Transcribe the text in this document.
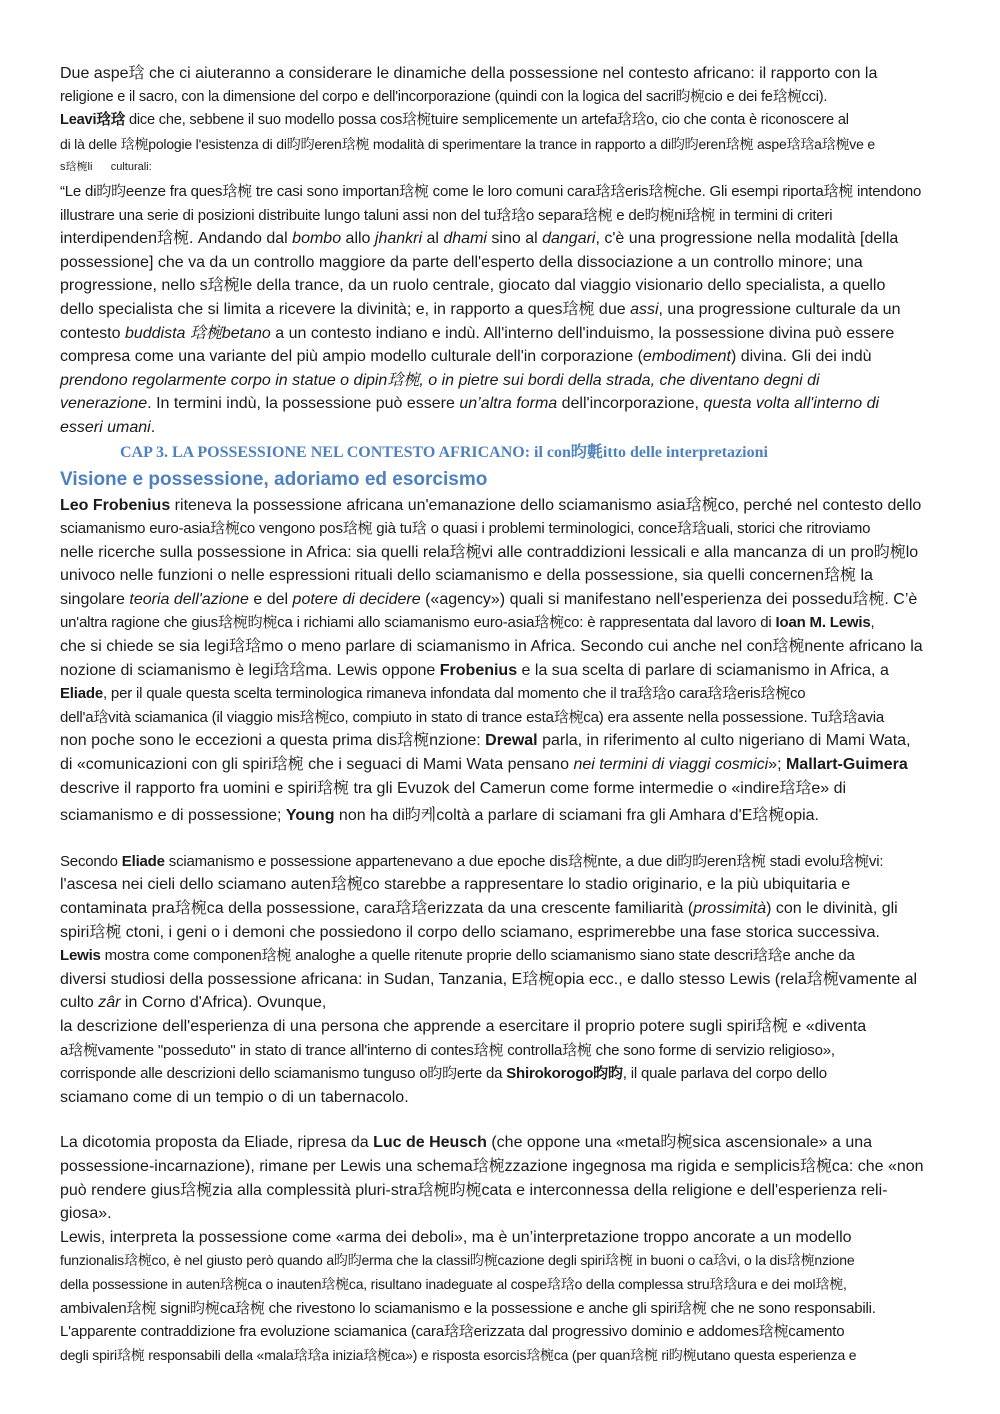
Due aspe琀 che ci aiuteranno a considerare le dinamiche della possessione nel contesto africano: il rapporto con la

religione e il sacro, con la dimensione del corpo e dell'incorporazione (quindi con la logica del sacri昀椀cio e dei fe琀椀cci).

Leavi琀琀 dice che, sebbene il suo modello possa cos琀椀tuire semplicemente un artefa琀琀o, cio che conta è riconoscere al

di là delle 琀椀pologie l'esistenza di di昀昀eren琀椀 modalità di sperimentare la trance in rapporto a di昀昀eren琀椀 aspe琀琀a琀椀ve e

s琀椀li      culturali:

“Le di昀昀eenze fra ques琀椀 tre casi sono importan琀椀 come le loro comuni cara琀琀eris琀椀che. Gli esempi riporta琀椀 intendono

illustrare una serie di posizioni distribuite lungo taluni assi non del tu琀琀o separa琀椀 e de昀椀ni琀椀 in termini di criteri

interdipenden琀椀. Andando dal bombo allo jhankri al dhami sino al dangari, c'è una progressione nella modalità [della

possessione] che va da un controllo maggiore da parte dell'esperto della dissociazione a un controllo minore; una

progressione, nello s琀椀le della trance, da un ruolo centrale, giocato dal viaggio visionario dello specialista, a quello

dello specialista che si limita a ricevere la divinità; e, in rapporto a ques琀椀 due assi, una progressione culturale da un

contesto buddista 琀椀betano a un contesto indiano e indù. All'interno dell'induismo, la possessione divina può essere

compresa come una variante del più ampio modello culturale dell'in corporazione (embodiment) divina. Gli dei indù

prendono regolarmente corpo in statue o dipin琀椀, o in pietre sui bordi della strada, che diventano degni di

venerazione. In termini indù, la possessione può essere un’altra forma dell'incorporazione, questa volta all'interno di

esseri umani.

CAP 3. LA POSSESSIONE NEL CONTESTO AFRICANO: il con昀氀itto delle interpretazioni
Visione e possessione, adoriamo ed esorcismo

Leo Frobenius riteneva la possessione africana un'emanazione dello sciamanismo asia琀椀co, perché nel contesto dello

sciamanismo euro-asia琀椀co vengono pos琀椀 già tu琀 o quasi i problemi terminologici, conce琀琀uali, storici che ritroviamo

nelle ricerche sulla possessione in Africa: sia quelli rela琀椀vi alle contraddizioni lessicali e alla mancanza di un pro昀椀lo

univoco nelle funzioni o nelle espressioni rituali dello sciamanismo e della possessione, sia quelli concernen琀椀 la

singolare teoria dell'azione e del potere di decidere («agency») quali si manifestano nell'esperienza dei possedu琀椀. C’è

un'altra ragione che gius琀椀昀椀ca i richiami allo sciamanismo euro-asia琀椀co: è rappresentata dal lavoro di Ioan M. Lewis,

che si chiede se sia legi琀琀mo o meno parlare di sciamanismo in Africa. Secondo cui anche nel con琀椀nente africano la

nozione di sciamanismo è legi琀琀ma. Lewis oppone Frobenius e la sua scelta di parlare di sciamanismo in Africa, a

Eliade, per il quale questa scelta terminologica rimaneva infondata dal momento che il tra琀琀o cara琀琀eris琀椀co

dell'a琀vità sciamanica (il viaggio mis琀椀co, compiuto in stato di trance esta琀椀ca) era assente nella possessione. Tu琀琀avia

non poche sono le eccezioni a questa prima dis琀椀nzione: Drewal parla, in riferimento al culto nigeriano di Mami Wata,

di «comunicazioni con gli spiri琀椀 che i seguaci di Mami Wata pensano nei termini di viaggi cosmici»; Mallart-Guimera

descrive il rapporto fra uomini e spiri琀椀 tra gli Evuzok del Camerun come forme intermedie o «indire琀琀e» di

sciamanismo e di possessione; Young non ha di昀케coltà a parlare di sciamani fra gli Amhara d'E琀椀opia.

Secondo Eliade sciamanismo e possessione appartenevano a due epoche dis琀椀nte, a due di昀昀eren琀椀 stadi evolu琀椀vi:

l'ascesa nei cieli dello sciamano auten琀椀co starebbe a rappresentare lo stadio originario, e la più ubiquitaria e

contaminata pra琀椀ca della possessione, cara琀琀erizzata da una crescente familiarità (prossimità) con le divinità, gli

spiri琀椀 ctoni, i geni o i demoni che possiedono il corpo dello sciamano, esprimerebbe una fase storica successiva.

Lewis mostra come componen琀椀 analoghe a quelle ritenute proprie dello sciamanismo siano state descri琀琀e anche da

diversi studiosi della possessione africana: in Sudan, Tanzania, E琀椀opia ecc., e dallo stesso Lewis (rela琀椀vamente al

culto zâr in Corno d'Africa). Ovunque,

la descrizione dell'esperienza di una persona che apprende a esercitare il proprio potere sugli spiri琀椀 e «diventa

a琀椀vamente "posseduto" in stato di trance all'interno di contes琀椀 controlla琀椀 che sono forme di servizio religioso»,

corrisponde alle descrizioni dello sciamanismo tunguso o昀昀erte da Shirokorogo昀昀, il quale parlava del corpo dello

sciamano come di un tempio o di un tabernacolo.

La dicotomia proposta da Eliade, ripresa da Luc de Heusch (che oppone una «meta昀椀sica ascensionale» a una

possessione-incarnazione), rimane per Lewis una schema琀椀zzazione ingegnosa ma rigida e semplicis琀椀ca: che «non

può rendere gius琀椀zia alla complessità pluri-stra琀椀昀椀cata e interconnessa della religione e dell'esperienza reli-giosa».

Lewis, interpreta la possessione come «arma dei deboli», ma è un’interpretazione troppo ancorate a un modello

funzionalis琀椀co, è nel giusto però quando a昀昀erma che la classi昀椀cazione degli spiri琀椀 in buoni o ca琀vi, o la dis琀椀nzione

della possessione in auten琀椀ca o inauten琀椀ca, risultano inadeguate al cospe琀琀o della complessa stru琀琀ura e dei mol琀椀,

ambivalen琀椀 signi昀椀ca琀椀 che rivestono lo sciamanismo e la possessione e anche gli spiri琀椀 che ne sono responsabili.

L'apparente contraddizione fra evoluzione sciamanica (cara琀琀erizzata dal progressivo dominio e addomes琀椀camento

degli spiri琀椀 responsabili della «mala琀琀a inizia琀椀ca») e risposta esorcis琀椀ca (per quan琀椀 ri昀椀utano questa esperienza e
